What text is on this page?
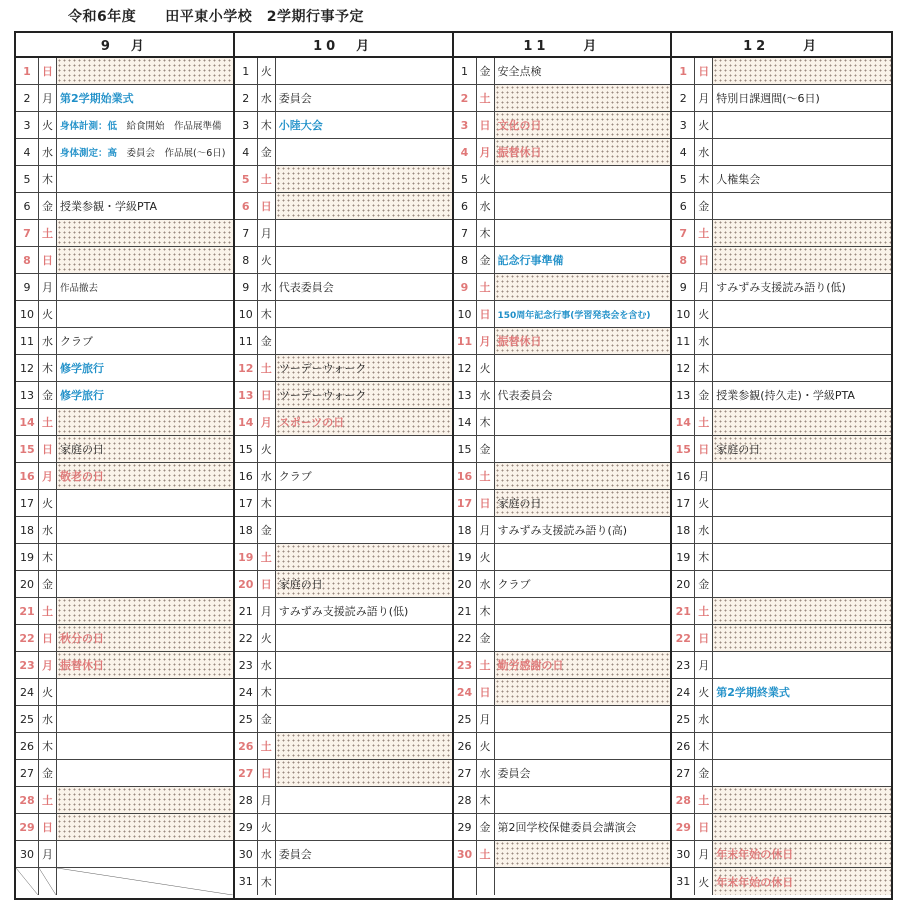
令和6年度　　田平東小学校　2学期行事予定
9　月
1	日
2	月 第2学期始業式
3	火 身体計測：低 　給食開始　作品展準備
4	水 身体測定：高 　委員会　作品展(～6日)
5	木
6	金 授業参観・学級PTA
7	土
8	日
9	月 作品撤去
10 火
11 水 クラブ
12 木 修学旅行
13 金 修学旅行
14 土
15 日 家庭の日
16 月 敬老の日
17 火
18 水
19 木
20 金
21 土
22 日 秋分の日
23 月 振替休日
24 火
25 水
26 木
27 金
28 土
29 日
30 月
10　月
1	火
2	水 委員会
3	木 小陸大会
4	金
5	土
6	日
7	月
8	火
9	水 代表委員会
10 木
11 金
12 土 ツーデーウォーク
13 日 ツーデーウォーク
14 月 スポーツの日
15 火
16 水 クラブ
17 木
18 金
19 土
20 日 家庭の日
21 月 すみずみ支援読み語り(低)
22 火
23 水
24 木
25 金
26 土
27 日
28 月
29 火
30 水 委員会
31 木
11　　月
1	金 安全点検
2	土
3	日 文化の日
4	月 振替休日
5	火
6	水
7	木
8	金 記念行事準備
9	土
10 日 150周年記念行事(学習発表会を含む)
11 月 振替休日
12 火
13 水 代表委員会
14 木
15 金
16 土
17 日 家庭の日
18 月 すみずみ支援読み語り(高)
19 火
20 水 クラブ
21 木
22 金
23 土 勤労感謝の日
24 日
25 月
26 火
27 水 委員会
28 木
29 金 第2回学校保健委員会講演会
30 土
12　　月
1	日
2	月 特別日課週間(～6日)
3	火
4	水
5	木 人権集会
6	金
7	土
8	日
9	月 すみずみ支援読み語り(低)
10 火
11 水
12 木
13 金 授業参観(持久走)・学級PTA
14 土
15 日 家庭の日
16 月
17 火
18 水
19 木
20 金
21 土
22 日
23 月
24 火 第2学期終業式
25 水
26 木
27 金
28 土
29 日
30 月 年末年始の休日
31 火 年末年始の休日
